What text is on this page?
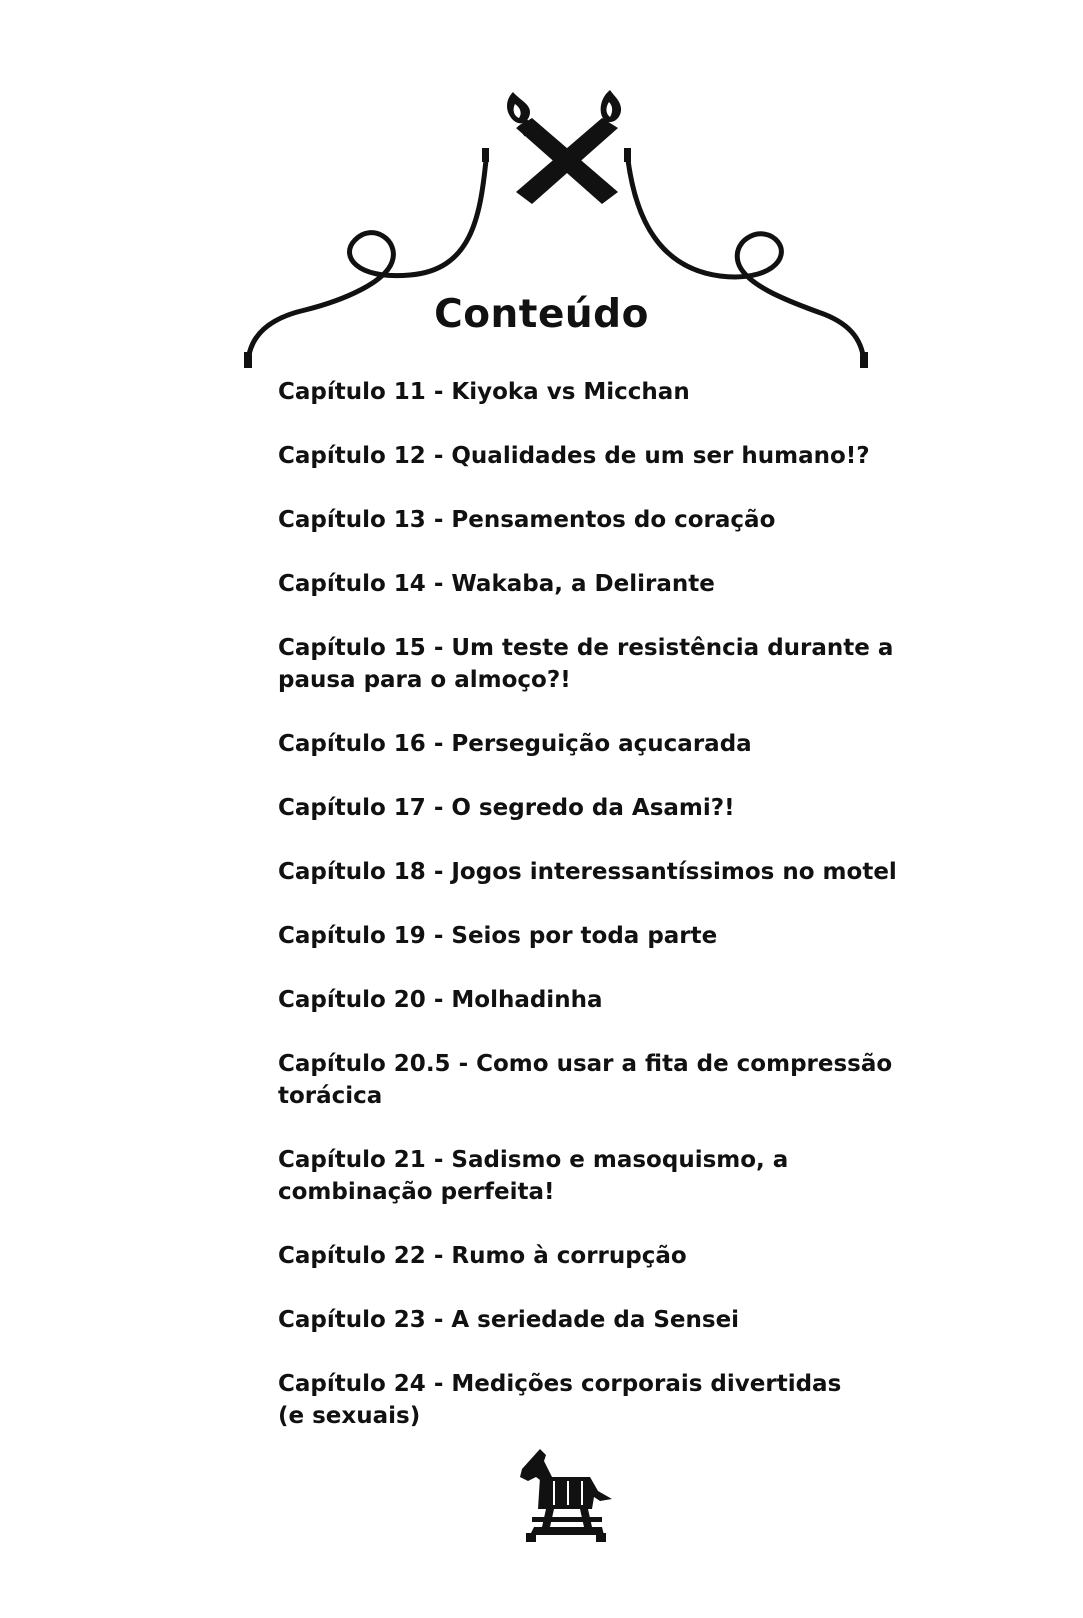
Conteúdo
Capítulo 11 - Kiyoka vs Micchan
Capítulo 12 - Qualidades de um ser humano!?
Capítulo 13 - Pensamentos do coração
Capítulo 14 - Wakaba, a Delirante
Capítulo 15 - Um teste de resistência durante a
pausa para o almoço?!
Capítulo 16 - Perseguição açucarada
Capítulo 17 - O segredo da Asami?!
Capítulo 18 - Jogos interessantíssimos no motel
Capítulo 19 - Seios por toda parte
Capítulo 20 - Molhadinha
Capítulo 20.5 - Como usar a fita de compressão
torácica
Capítulo 21 - Sadismo e masoquismo, a
combinação perfeita!
Capítulo 22 - Rumo à corrupção
Capítulo 23 - A seriedade da Sensei
Capítulo 24 - Medições corporais divertidas
(e sexuais)
